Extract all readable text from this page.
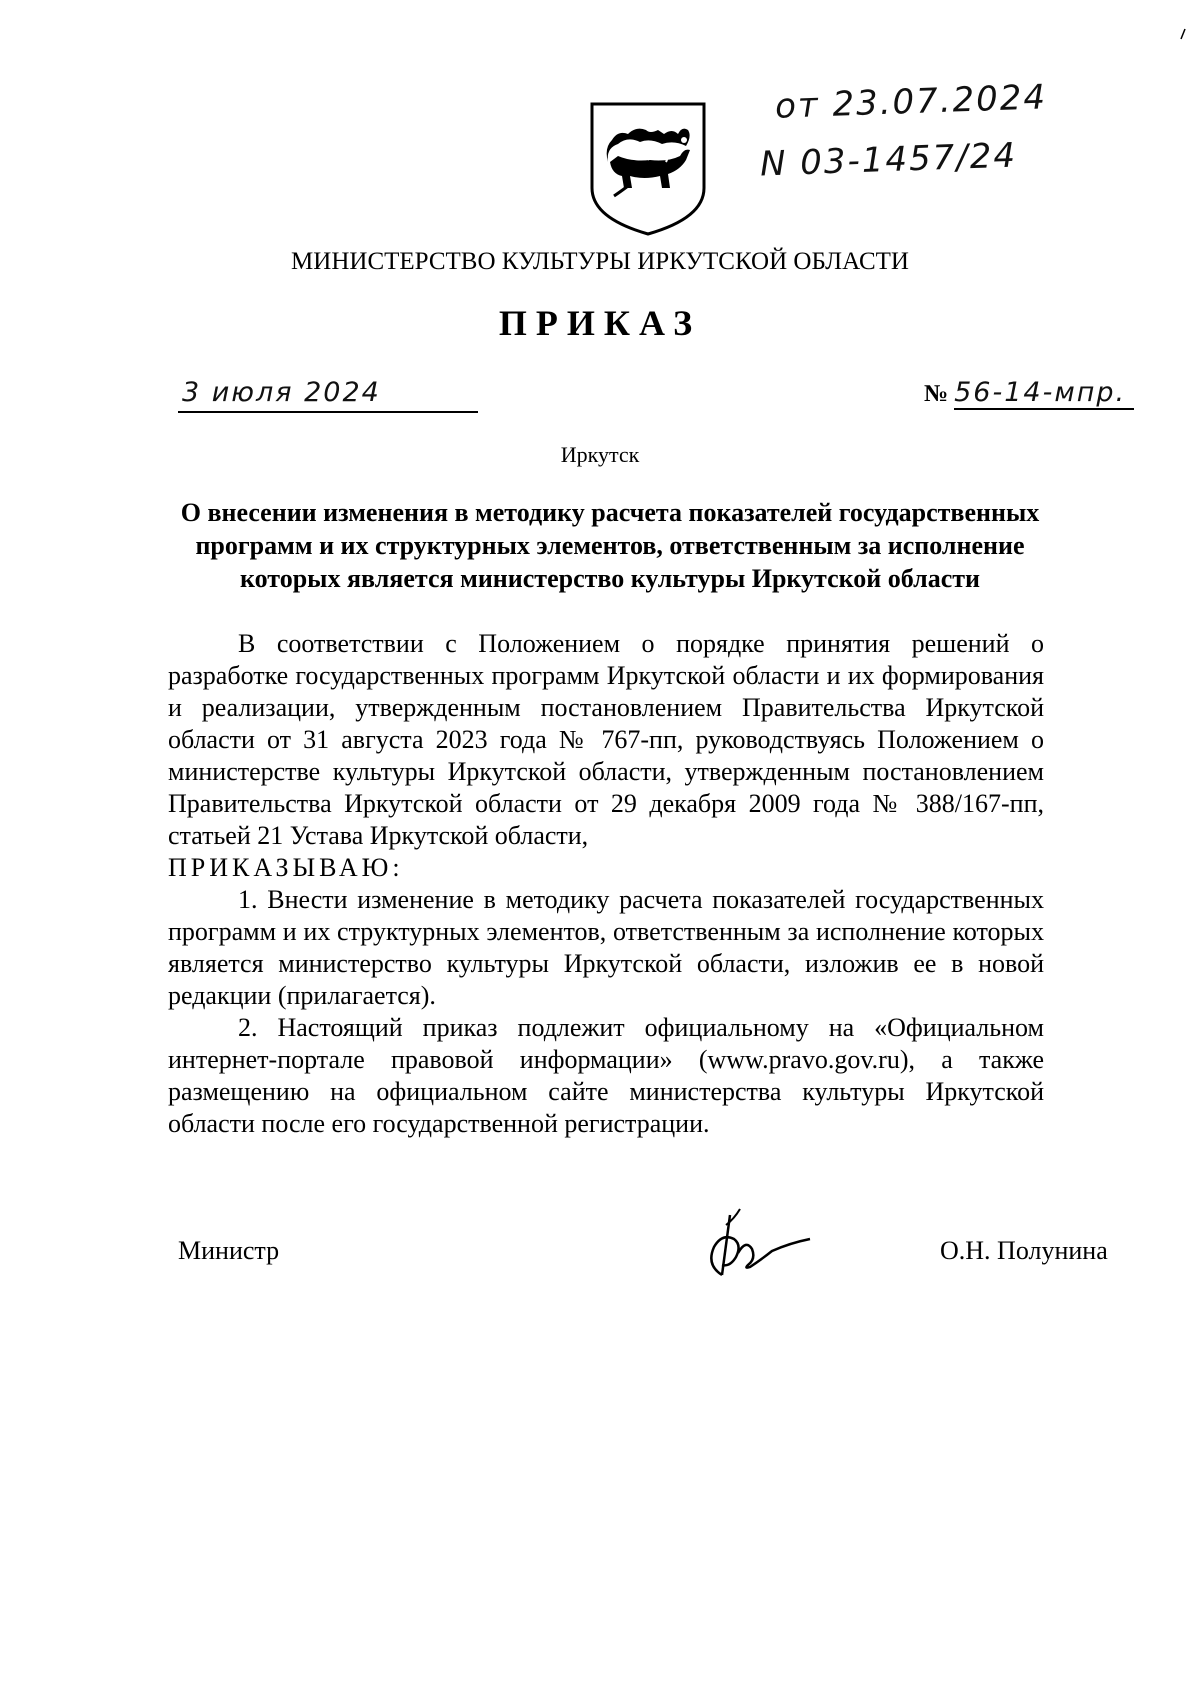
от 23.07.2024
N 03-1457/24
МИНИСТЕРСТВО КУЛЬТУРЫ ИРКУТСКОЙ ОБЛАСТИ
ПРИКАЗ
3 июля 2024	№ 56-14-мпр.
Иркутск
О внесении изменения в методику расчета показателей государственных программ и их структурных элементов, ответственным за исполнение которых является министерство культуры Иркутской области

В соответствии с Положением о порядке принятия решений о разработке государственных программ Иркутской области и их формирования и реализации, утвержденным постановлением Правительства Иркутской области от 31 августа 2023 года № 767-пп, руководствуясь Положением о министерстве культуры Иркутской области, утвержденным постановлением Правительства Иркутской области от 29 декабря 2009 года № 388/167-пп, статьей 21 Устава Иркутской области,

ПРИКАЗЫВАЮ:

1. Внести изменение в методику расчета показателей государственных программ и их структурных элементов, ответственным за исполнение которых является министерство культуры Иркутской области, изложив ее в новой редакции (прилагается).

2. Настоящий приказ подлежит официальному на «Официальном интернет-портале правовой информации» (www.pravo.gov.ru), а также размещению на официальном сайте министерства культуры Иркутской области после его государственной регистрации.

Министр	О.Н. Полунина
